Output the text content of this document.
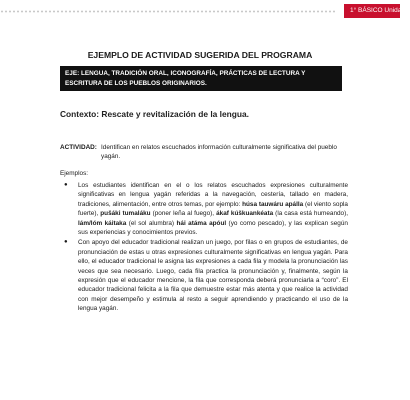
1° BÁSICO Unidad 1
EJEMPLO DE ACTIVIDAD SUGERIDA DEL PROGRAMA
EJE: LENGUA, TRADICIÓN ORAL, ICONOGRAFÍA, PRÁCTICAS DE LECTURA Y ESCRITURA DE LOS PUEBLOS ORIGINARIOS.
Contexto: Rescate y revitalización de la lengua.
ACTIVIDAD: Identifican en relatos escuchados información culturalmente significativa del pueblo yagán.
Ejemplos:
● Los estudiantes identifican en el o los relatos escuchados expresiones culturalmente significativas en lengua yagán referidas a la navegación, cestería, tallado en madera, tradiciones, alimentación, entre otros temas, por ejemplo: húsa tauwáru apálla (el viento sopla fuerte), pušáki tumaláku (poner leña al fuego), ákaf kúškuankéata (la casa está humeando), lám/lóm káitaka (el sol alumbra) hái atáma apóul (yo como pescado), y las explican según sus experiencias y conocimientos previos.
● Con apoyo del educador tradicional realizan un juego, por filas o en grupos de estudiantes, de pronunciación de estas u otras expresiones culturalmente significativas en lengua yagán. Para ello, el educador tradicional le asigna las expresiones a cada fila y modela la pronunciación las veces que sea necesario. Luego, cada fila practica la pronunciación y, finalmente, según la expresión que el educador mencione, la fila que corresponda deberá pronunciarla a “coro”. El educador tradicional felicita a la fila que demuestre estar más atenta y que realice la actividad con mejor desempeño y estimula al resto a seguir aprendiendo y practicando el uso de la lengua yagán.
